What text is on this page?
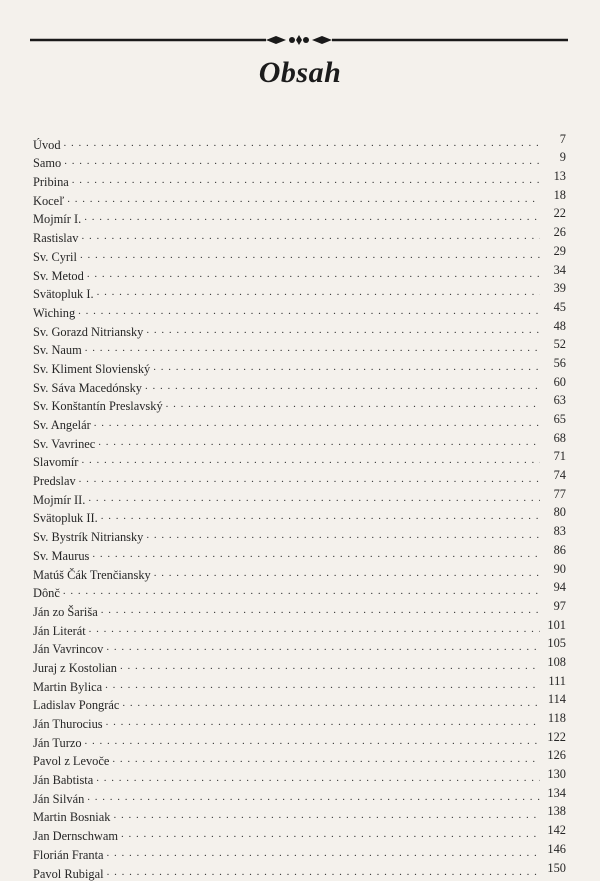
Obsah
Úvod . . .	7
Samo . . .	9
Pribina . . .	13
Koceľ . . .	18
Mojmír I. . . .	22
Rastislav . . .	26
Sv. Cyril . . .	29
Sv. Metod . . .	34
Svätopluk I. . . .	39
Wiching . . .	45
Sv. Gorazd Nitriansky . . .	48
Sv. Naum . . .	52
Sv. Kliment Slovienský . . .	56
Sv. Sáva Macedónsky . . .	60
Sv. Konštantín Preslavský . . .	63
Sv. Angelár . . .	65
Sv. Vavrinec . . .	68
Slavomír . . .	71
Predslav . . .	74
Mojmír II. . . .	77
Svätopluk II. . . .	80
Sv. Bystrík Nitriansky . . .	83
Sv. Maurus . . .	86
Matúš Čák Trenčiansky . . .	90
Dônč . . .	94
Ján zo Šariša . . .	97
Ján Literát . . .	101
Ján Vavrincov . . .	105
Juraj z Kostolian . . .	108
Martin Bylica . . .	111
Ladislav Pongrác . . .	114
Ján Thurocius . . .	118
Ján Turzo . . .	122
Pavol z Levoče . . .	126
Ján Babtista . . .	130
Ján Silván . . .	134
Martin Bosniak . . .	138
Jan Dernschwam . . .	142
Florián Franta . . .	146
Pavol Rubigal . . .	150
